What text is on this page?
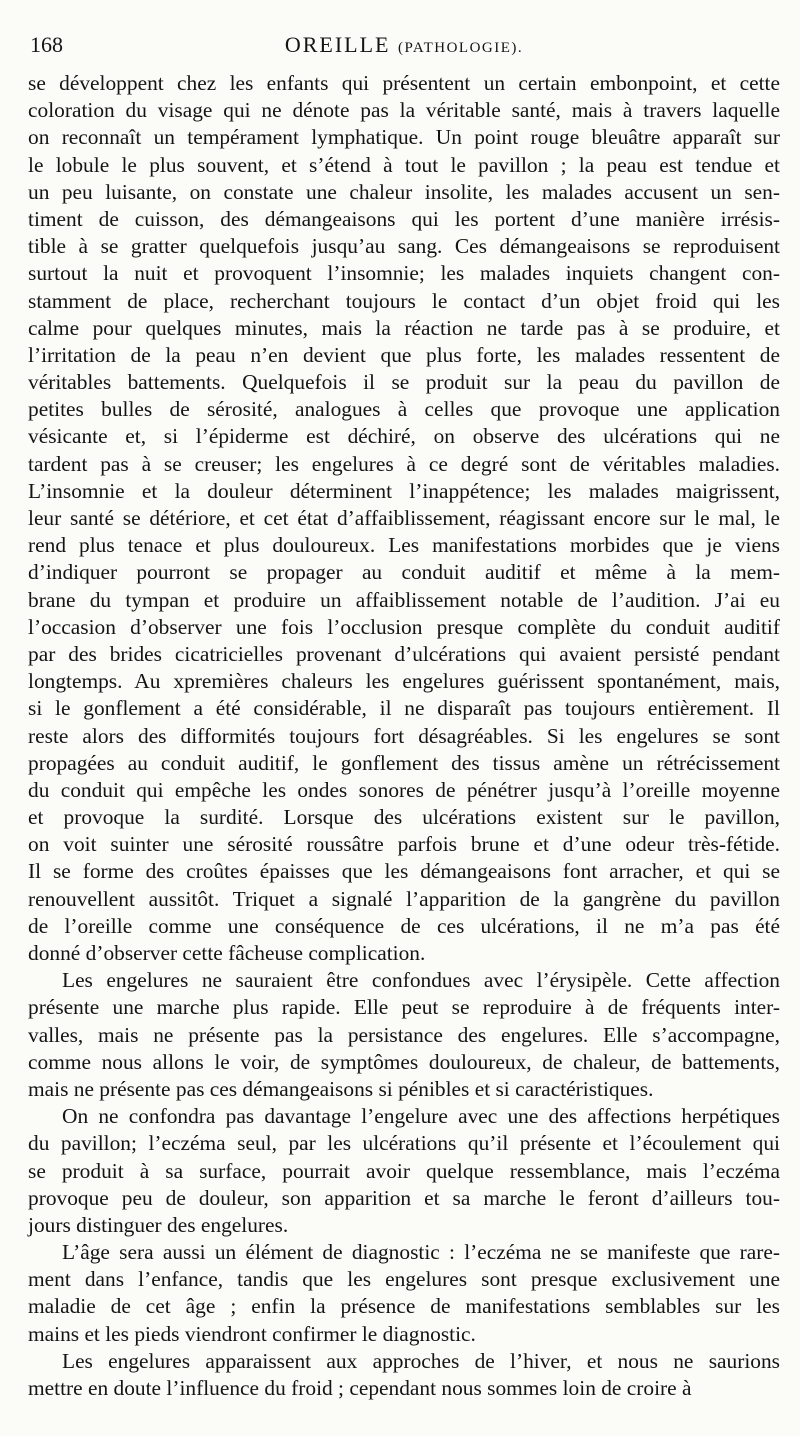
168	OREILLE (PATHOLOGIE).
se développent chez les enfants qui présentent un certain embonpoint, et cette
coloration du visage qui ne dénote pas la véritable santé, mais à travers laquelle
on reconnaît un tempérament lymphatique. Un point rouge bleuâtre apparaît sur
le lobule le plus souvent, et s’étend à tout le pavillon ; la peau est tendue et
un peu luisante, on constate une chaleur insolite, les malades accusent un sen-
timent de cuisson, des démangeaisons qui les portent d’une manière irrésis-
tible à se gratter quelquefois jusqu’au sang. Ces démangeaisons se reproduisent
surtout la nuit et provoquent l’insomnie; les malades inquiets changent con-
stamment de place, recherchant toujours le contact d’un objet froid qui les
calme pour quelques minutes, mais la réaction ne tarde pas à se produire, et
l’irritation de la peau n’en devient que plus forte, les malades ressentent de
véritables battements. Quelquefois il se produit sur la peau du pavillon de
petites bulles de sérosité, analogues à celles que provoque une application
vésicante et, si l’épiderme est déchiré, on observe des ulcérations qui ne
tardent pas à se creuser; les engelures à ce degré sont de véritables maladies.
L’insomnie et la douleur déterminent l’inappétence; les malades maigrissent,
leur santé se détériore, et cet état d’affaiblissement, réagissant encore sur le mal, le
rend plus tenace et plus douloureux. Les manifestations morbides que je viens
d’indiquer pourront se propager au conduit auditif et même à la mem-
brane du tympan et produire un affaiblissement notable de l’audition. J’ai eu
l’occasion d’observer une fois l’occlusion presque complète du conduit auditif
par des brides cicatricielles provenant d’ulcérations qui avaient persisté pendant
longtemps. Au xpremières chaleurs les engelures guérissent spontanément, mais,
si le gonflement a été considérable, il ne disparaît pas toujours entièrement. Il
reste alors des difformités toujours fort désagréables. Si les engelures se sont
propagées au conduit auditif, le gonflement des tissus amène un rétrécissement
du conduit qui empêche les ondes sonores de pénétrer jusqu’à l’oreille moyenne
et provoque la surdité. Lorsque des ulcérations existent sur le pavillon,
on voit suinter une sérosité roussâtre parfois brune et d’une odeur très-fétide.
Il se forme des croûtes épaisses que les démangeaisons font arracher, et qui se
renouvellent aussitôt. Triquet a signalé l’apparition de la gangrène du pavillon
de l’oreille comme une conséquence de ces ulcérations, il ne m’a pas été
donné d’observer cette fâcheuse complication.
Les engelures ne sauraient être confondues avec l’érysipèle. Cette affection
présente une marche plus rapide. Elle peut se reproduire à de fréquents inter-
valles, mais ne présente pas la persistance des engelures. Elle s’accompagne,
comme nous allons le voir, de symptômes douloureux, de chaleur, de battements,
mais ne présente pas ces démangeaisons si pénibles et si caractéristiques.
On ne confondra pas davantage l’engelure avec une des affections herpétiques
du pavillon; l’eczéma seul, par les ulcérations qu’il présente et l’écoulement qui
se produit à sa surface, pourrait avoir quelque ressemblance, mais l’eczéma
provoque peu de douleur, son apparition et sa marche le feront d’ailleurs tou-
jours distinguer des engelures.
L’âge sera aussi un élément de diagnostic : l’eczéma ne se manifeste que rare-
ment dans l’enfance, tandis que les engelures sont presque exclusivement une
maladie de cet âge ; enfin la présence de manifestations semblables sur les
mains et les pieds viendront confirmer le diagnostic.
Les engelures apparaissent aux approches de l’hiver, et nous ne saurions
mettre en doute l’influence du froid ; cependant nous sommes loin de croire à
